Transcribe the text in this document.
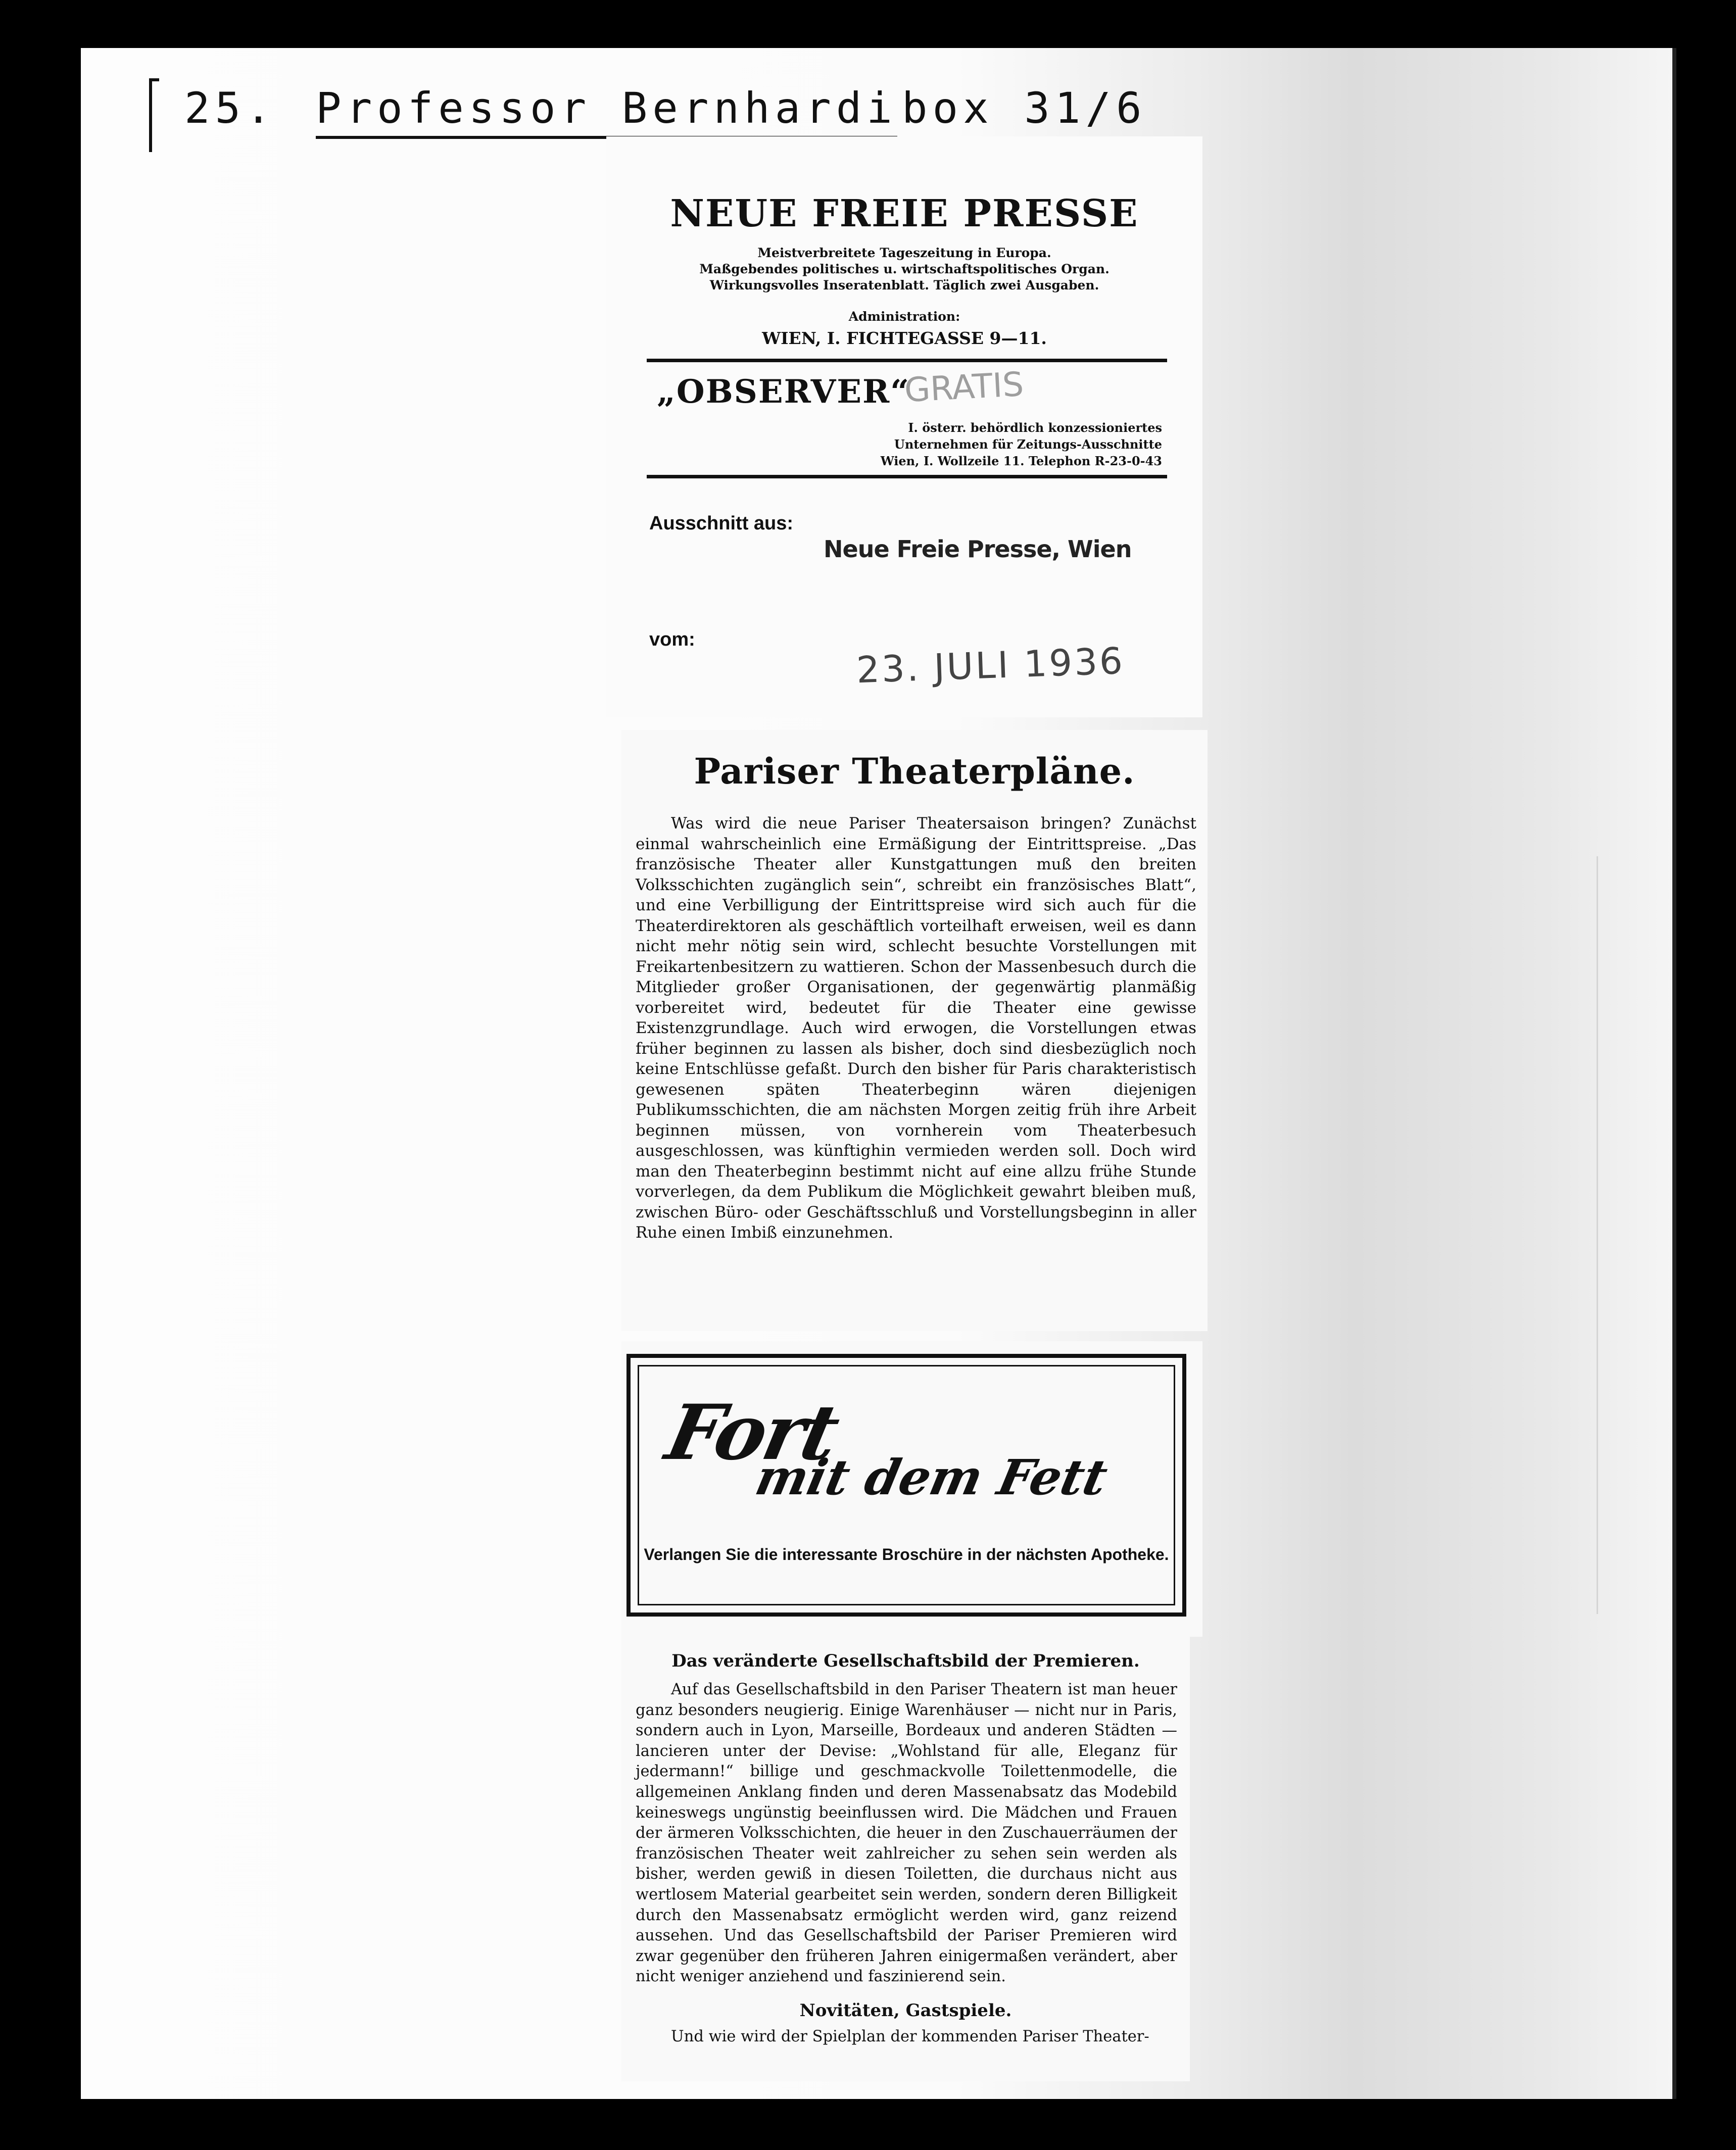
25. Professor Bernhardi box 31/6
NEUE FREIE PRESSE
Meistverbreitete Tageszeitung in Europa.
Maßgebendes politisches u. wirtschaftspolitisches Organ.
Wirkungsvolles Inseratenblatt. Täglich zwei Ausgaben.
Administration:
WIEN, I. FICHTEGASSE 9—11.
„OBSERVER“
GRATIS
I. österr. behördlich konzessioniertes
Unternehmen für Zeitungs-Ausschnitte
Wien, I. Wollzeile 11. Telephon R-23-0-43
Ausschnitt aus:
Neue Freie Presse, Wien
vom:	23. JULI 1936
Pariser Theaterpläne.
Was wird die neue Pariser Theatersaison bringen? Zunächst einmal wahrscheinlich eine Ermäßigung der Eintrittspreise. „Das französische Theater aller Kunstgattungen muß den breiten Volksschichten zugänglich sein“, schreibt ein französisches Blatt“, und eine Verbilligung der Eintrittspreise wird sich auch für die Theaterdirektoren als geschäftlich vorteilhaft erweisen, weil es dann nicht mehr nötig sein wird, schlecht besuchte Vorstellungen mit Freikartenbesitzern zu wattieren. Schon der Massenbesuch durch die Mitglieder großer Organisationen, der gegenwärtig planmäßig vorbereitet wird, bedeutet für die Theater eine gewisse Existenzgrundlage. Auch wird erwogen, die Vorstellungen etwas früher beginnen zu lassen als bisher, doch sind diesbezüglich noch keine Entschlüsse gefaßt. Durch den bisher für Paris charakteristisch gewesenen späten Theaterbeginn wären diejenigen Publikumsschichten, die am nächsten Morgen zeitig früh ihre Arbeit beginnen müssen, von vornherein vom Theaterbesuch ausgeschlossen, was künftighin vermieden werden soll. Doch wird man den Theaterbeginn bestimmt nicht auf eine allzu frühe Stunde vorverlegen, da dem Publikum die Möglichkeit gewahrt bleiben muß, zwischen Büro- oder Geschäftsschluß und Vorstellungsbeginn in aller Ruhe einen Imbiß einzunehmen.
Fort
mit dem Fett
Verlangen Sie die interessante Broschüre in der nächsten Apotheke.
Das veränderte Gesellschaftsbild der Premieren.
Auf das Gesellschaftsbild in den Pariser Theatern ist man heuer ganz besonders neugierig. Einige Warenhäuser — nicht nur in Paris, sondern auch in Lyon, Marseille, Bordeaux und anderen Städten — lancieren unter der Devise: „Wohlstand für alle, Eleganz für jedermann!“ billige und geschmackvolle Toilettenmodelle, die allgemeinen Anklang finden und deren Massenabsatz das Modebild keineswegs ungünstig beeinflussen wird. Die Mädchen und Frauen der ärmeren Volksschichten, die heuer in den Zuschauerräumen der französischen Theater weit zahlreicher zu sehen sein werden als bisher, werden gewiß in diesen Toiletten, die durchaus nicht aus wertlosem Material gearbeitet sein werden, sondern deren Billigkeit durch den Massenabsatz ermöglicht werden wird, ganz reizend aussehen. Und das Gesellschaftsbild der Pariser Premieren wird zwar gegenüber den früheren Jahren einigermaßen verändert, aber nicht weniger anziehend und faszinierend sein.
Novitäten, Gastspiele.
Und wie wird der Spielplan der kommenden Pariser Theater-
